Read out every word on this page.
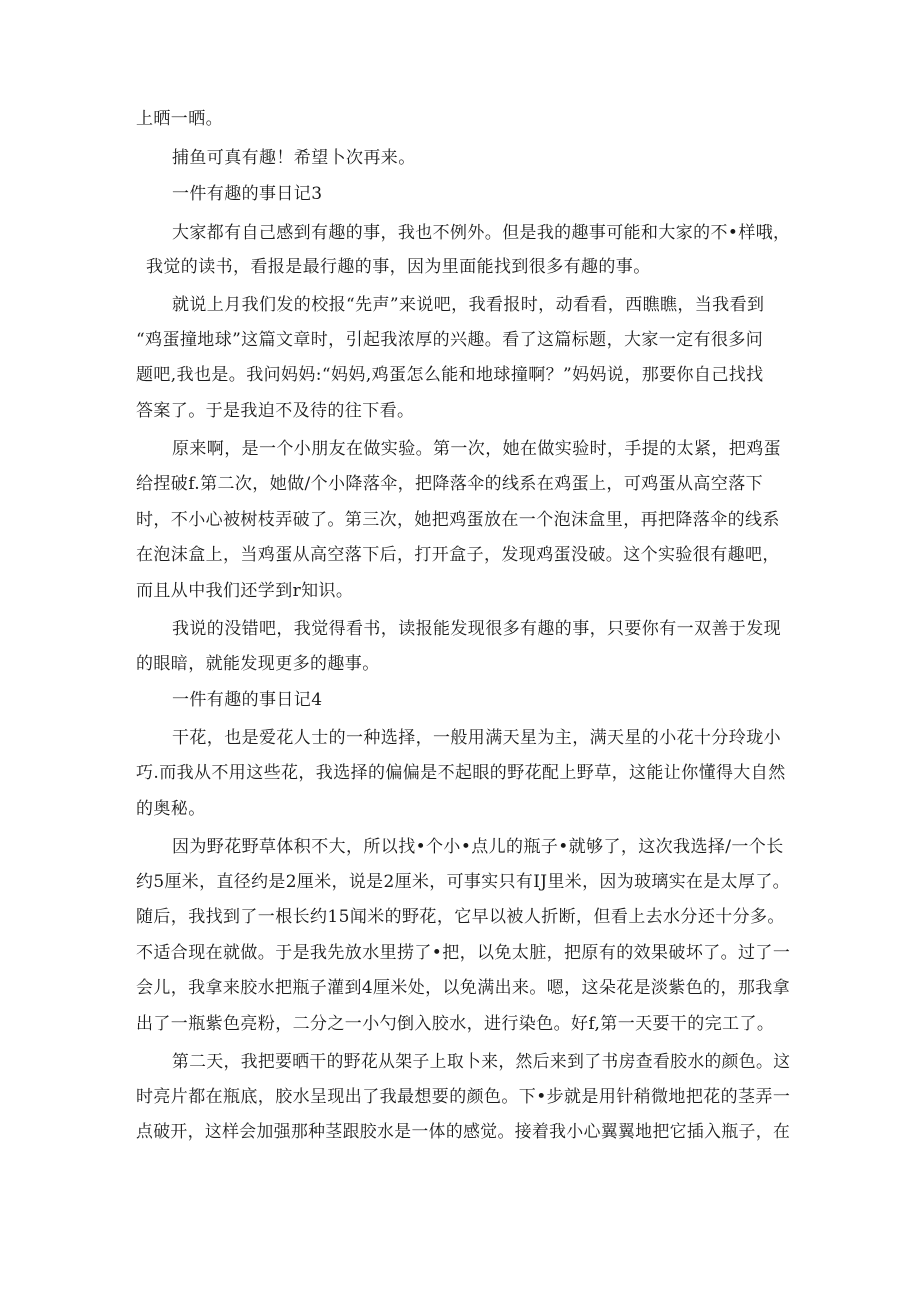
上晒一晒。

捕鱼可真有趣！希望卜次再来。

一件有趣的事日记3

大家都有自己感到有趣的事，我也不例外。但是我的趣事可能和大家的不•样哦，

我觉的读书，看报是最行趣的事，因为里面能找到很多有趣的事。

就说上月我们发的校报“先声”来说吧，我看报时，动看看，西瞧瞧，当我看到

“鸡蛋撞地球”这篇文章时，引起我浓厚的兴趣。看了这篇标题，大家一定有很多问

题吧,我也是。我问妈妈:“妈妈,鸡蛋怎么能和地球撞啊？”妈妈说，那要你自己找找

答案了。于是我迫不及待的往下看。

原来啊，是一个小朋友在做实验。第一次，她在做实验时，手提的太紧，把鸡蛋

给捏破f.第二次，她做/个小降落伞，把降落伞的线系在鸡蛋上，可鸡蛋从高空落下

时，不小心被树枝弄破了。第三次，她把鸡蛋放在一个泡沫盒里，再把降落伞的线系

在泡沫盒上，当鸡蛋从高空落下后，打开盒子，发现鸡蛋没破。这个实验很有趣吧，

而且从中我们还学到r知识。

我说的没错吧，我觉得看书，读报能发现很多有趣的事，只要你有一双善于发现

的眼暗，就能发现更多的趣事。

一件有趣的事日记4

干花，也是爱花人士的一种选择，一般用满天星为主，满天星的小花十分玲珑小

巧.而我从不用这些花，我选择的偏偏是不起眼的野花配上野草，这能让你懂得大自然

的奥秘。

因为野花野草体积不大，所以找•个小•点儿的瓶子•就够了，这次我选择/一个长

约5厘米，直径约是2厘米，说是2厘米，可事实只有IJ里米，因为玻璃实在是太厚了。

随后，我找到了一根长约15闻米的野花，它早以被人折断，但看上去水分还十分多。

不适合现在就做。于是我先放水里捞了•把，以免太脏，把原有的效果破坏了。过了一

会儿，我拿来胶水把瓶子灌到4厘米处，以免满出来。嗯，这朵花是淡紫色的，那我拿

出了一瓶紫色亮粉，二分之一小勺倒入胶水，进行染色。好f,第一天要干的完工了。

第二天，我把要晒干的野花从架子上取卜来，然后来到了书房查看胶水的颜色。这

时亮片都在瓶底，胶水呈现出了我最想要的颜色。下•步就是用针稍微地把花的茎弄一

点破开，这样会加强那种茎跟胶水是一体的感觉。接着我小心翼翼地把它插入瓶子，在
